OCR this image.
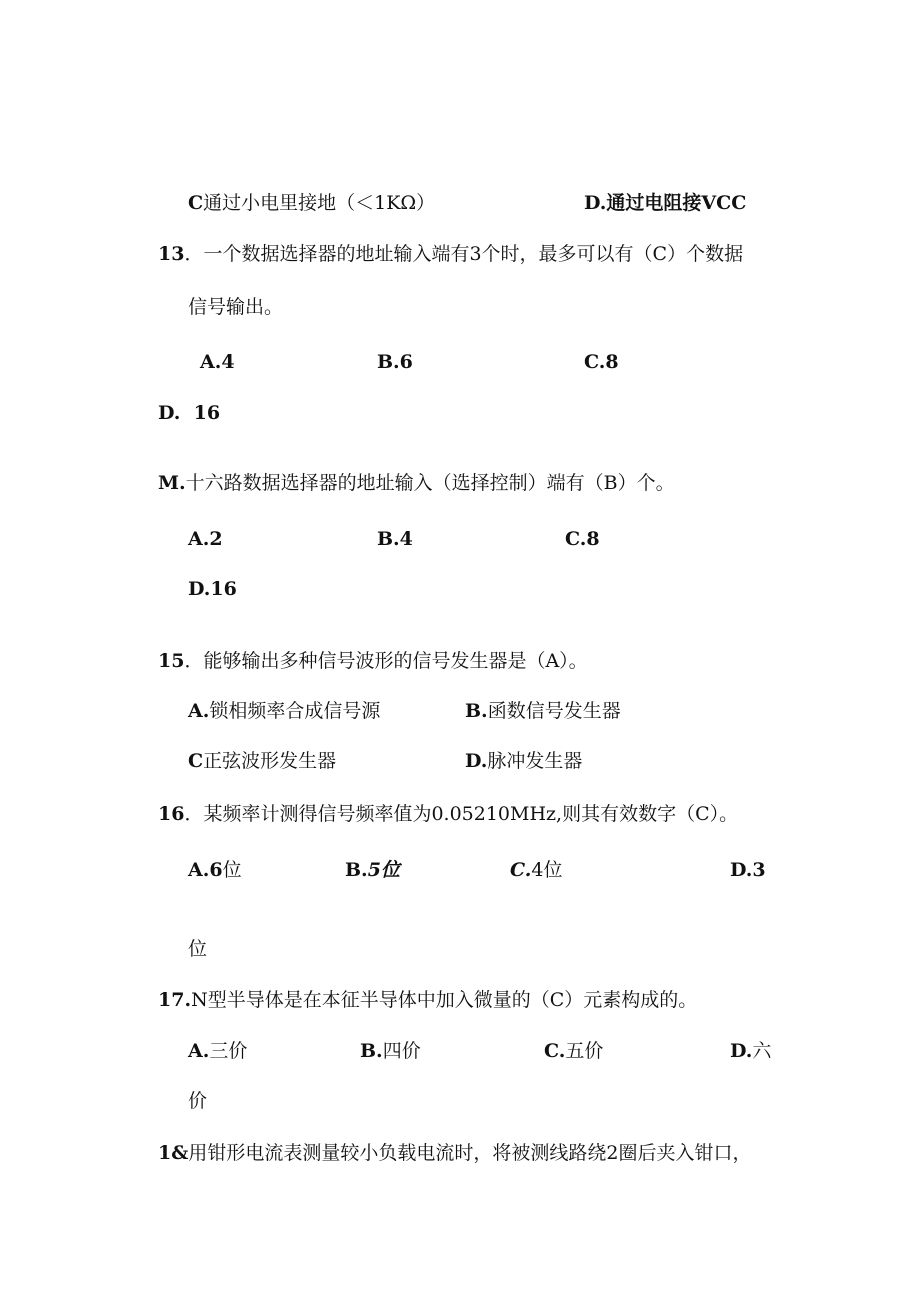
C通过小电里接地（＜1KΩ）	D.通过电阻接VCC
13．一个数据选择器的地址输入端有3个时，最多可以有（C）个数据
信号输出。
A.4	B.6	C.8
D.  16
M.十六路数据选择器的地址输入（选择控制）端有（B）个。
A.2	B.4	C.8
D.16
15．能够输出多种信号波形的信号发生器是（A）。
A.锁相频率合成信号源	B.函数信号发生器
C正弦波形发生器	D.脉冲发生器
16．某频率计测得信号频率值为0.05210MHz,则其有效数字（C）。
A.6位	B.5位	C.4位	D.3
位
17.N型半导体是在本征半导体中加入微量的（C）元素构成的。
A.三价	B.四价	C.五价	D.六
价
1&用钳形电流表测量较小负载电流时，将被测线路绕2圈后夹入钳口，
